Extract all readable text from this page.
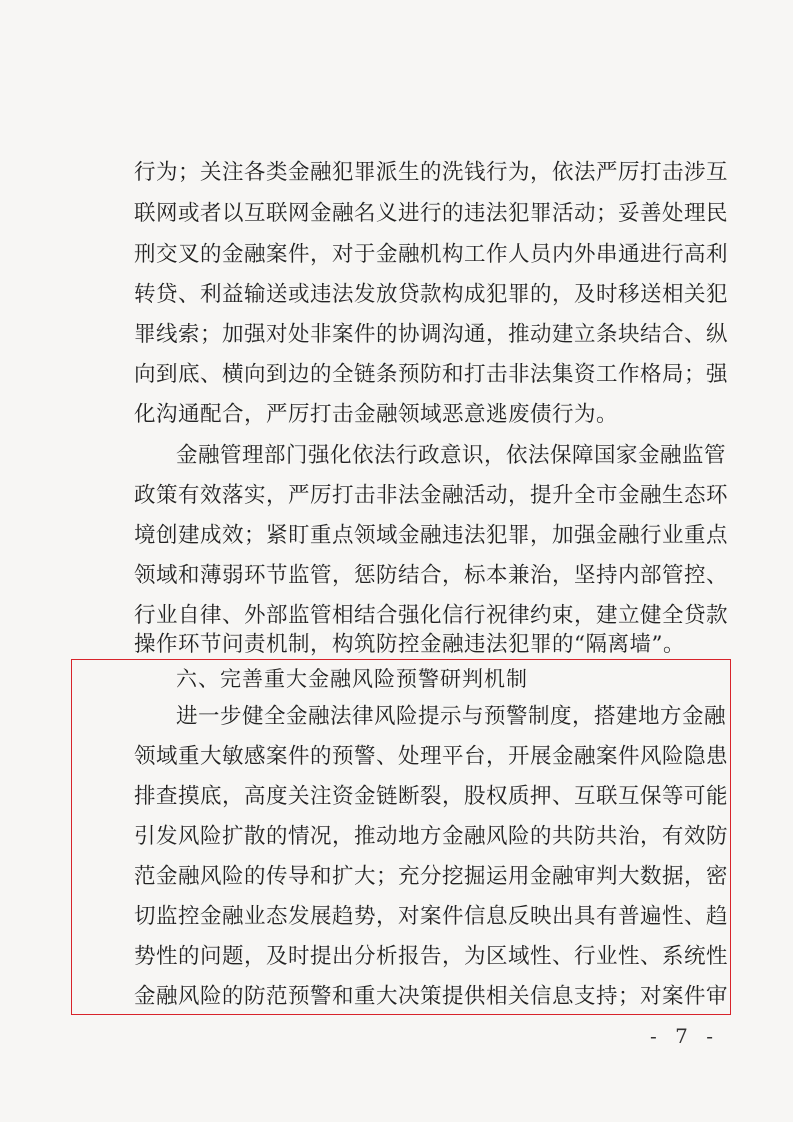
行为；关注各类金融犯罪派生的洗钱行为，依法严厉打击涉互
联网或者以互联网金融名义进行的违法犯罪活动；妥善处理民
刑交叉的金融案件，对于金融机构工作人员内外串通进行高利
转贷、利益输送或违法发放贷款构成犯罪的，及时移送相关犯
罪线索；加强对处非案件的协调沟通，推动建立条块结合、纵
向到底、横向到边的全链条预防和打击非法集资工作格局；强
化沟通配合，严厉打击金融领域恶意逃废债行为。
金融管理部门强化依法行政意识，依法保障国家金融监管
政策有效落实，严厉打击非法金融活动，提升全市金融生态环
境创建成效；紧盯重点领域金融违法犯罪，加强金融行业重点
领域和薄弱环节监管，惩防结合，标本兼治，坚持内部管控、
行业自律、外部监管相结合强化信行祝律约束，建立健全贷款
操作环节问责机制，构筑防控金融违法犯罪的“隔离墙”。
六、完善重大金融风险预警研判机制
进一步健全金融法律风险提示与预警制度，搭建地方金融
领域重大敏感案件的预警、处理平台，开展金融案件风险隐患
排查摸底，高度关注资金链断裂，股权质押、互联互保等可能
引发风险扩散的情况，推动地方金融风险的共防共治，有效防
范金融风险的传导和扩大；充分挖掘运用金融审判大数据，密
切监控金融业态发展趋势，对案件信息反映出具有普遍性、趋
势性的问题，及时提出分析报告，为区域性、行业性、系统性
金融风险的防范预警和重大决策提供相关信息支持；对案件审
- 7 -
